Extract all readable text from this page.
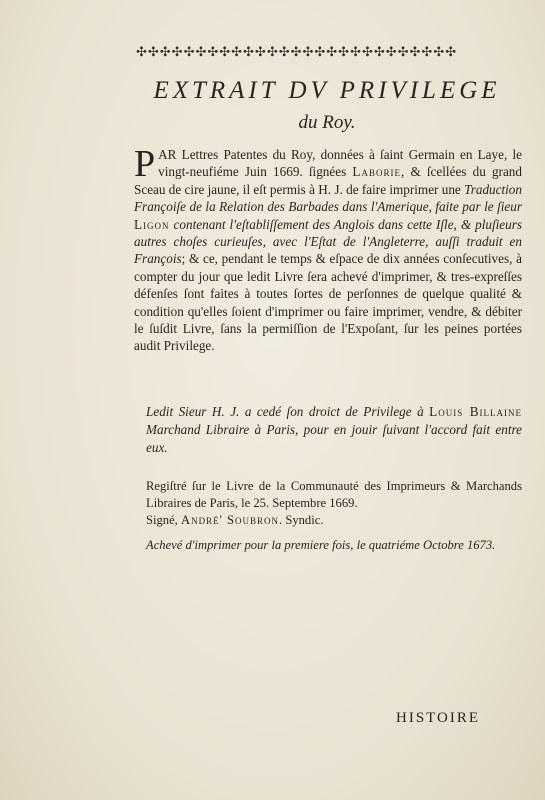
✣✣✣✣✣✣✣✣✣✣✣✣✣✣✣✣✣✣✣✣✣✣✣✣✣✣✣
EXTRAIT DV PRIVILEGE
du Roy.
PAR Lettres Patentes du Roy, données à ſaint Germain en Laye, le vingt-neufiéme Juin 1669. ſignées Laborie, & ſcellées du grand Sceau de cire jaune, il eſt permis à H. J. de faire imprimer une Traduction Françoiſe de la Relation des Barbades dans l'Amerique, faite par le ſieur Ligon contenant l'eſtabliſſement des Anglois dans cette Iſle, & pluſieurs autres choſes curieuſes, avec l'Eſtat de l'Angleterre, auſſi traduit en François; & ce, pendant le temps & eſpace de dix années conſecutives, à compter du jour que ledit Livre ſera achevé d'imprimer, & tres-expreſſes défenſes ſont faites à toutes ſortes de perſonnes de quelque qualité & condition qu'elles ſoient d'imprimer ou faire imprimer, vendre, & débiter le ſuſdit Livre, ſans la permiſſion de l'Expoſant, ſur les peines portées audit Privilege.
Ledit Sieur H. J. a cedé ſon droict de Privilege à Louis Billaine Marchand Libraire à Paris, pour en jouir ſuivant l'accord fait entre eux.
Regiſtré ſur le Livre de la Communauté des Imprimeurs & Marchands Libraires de Paris, le 25. Septembre 1669.
Signé, André' Soubron. Syndic.
Achevé d'imprimer pour la premiere fois, le quatriéme Octobre 1673.
HISTOIRE
